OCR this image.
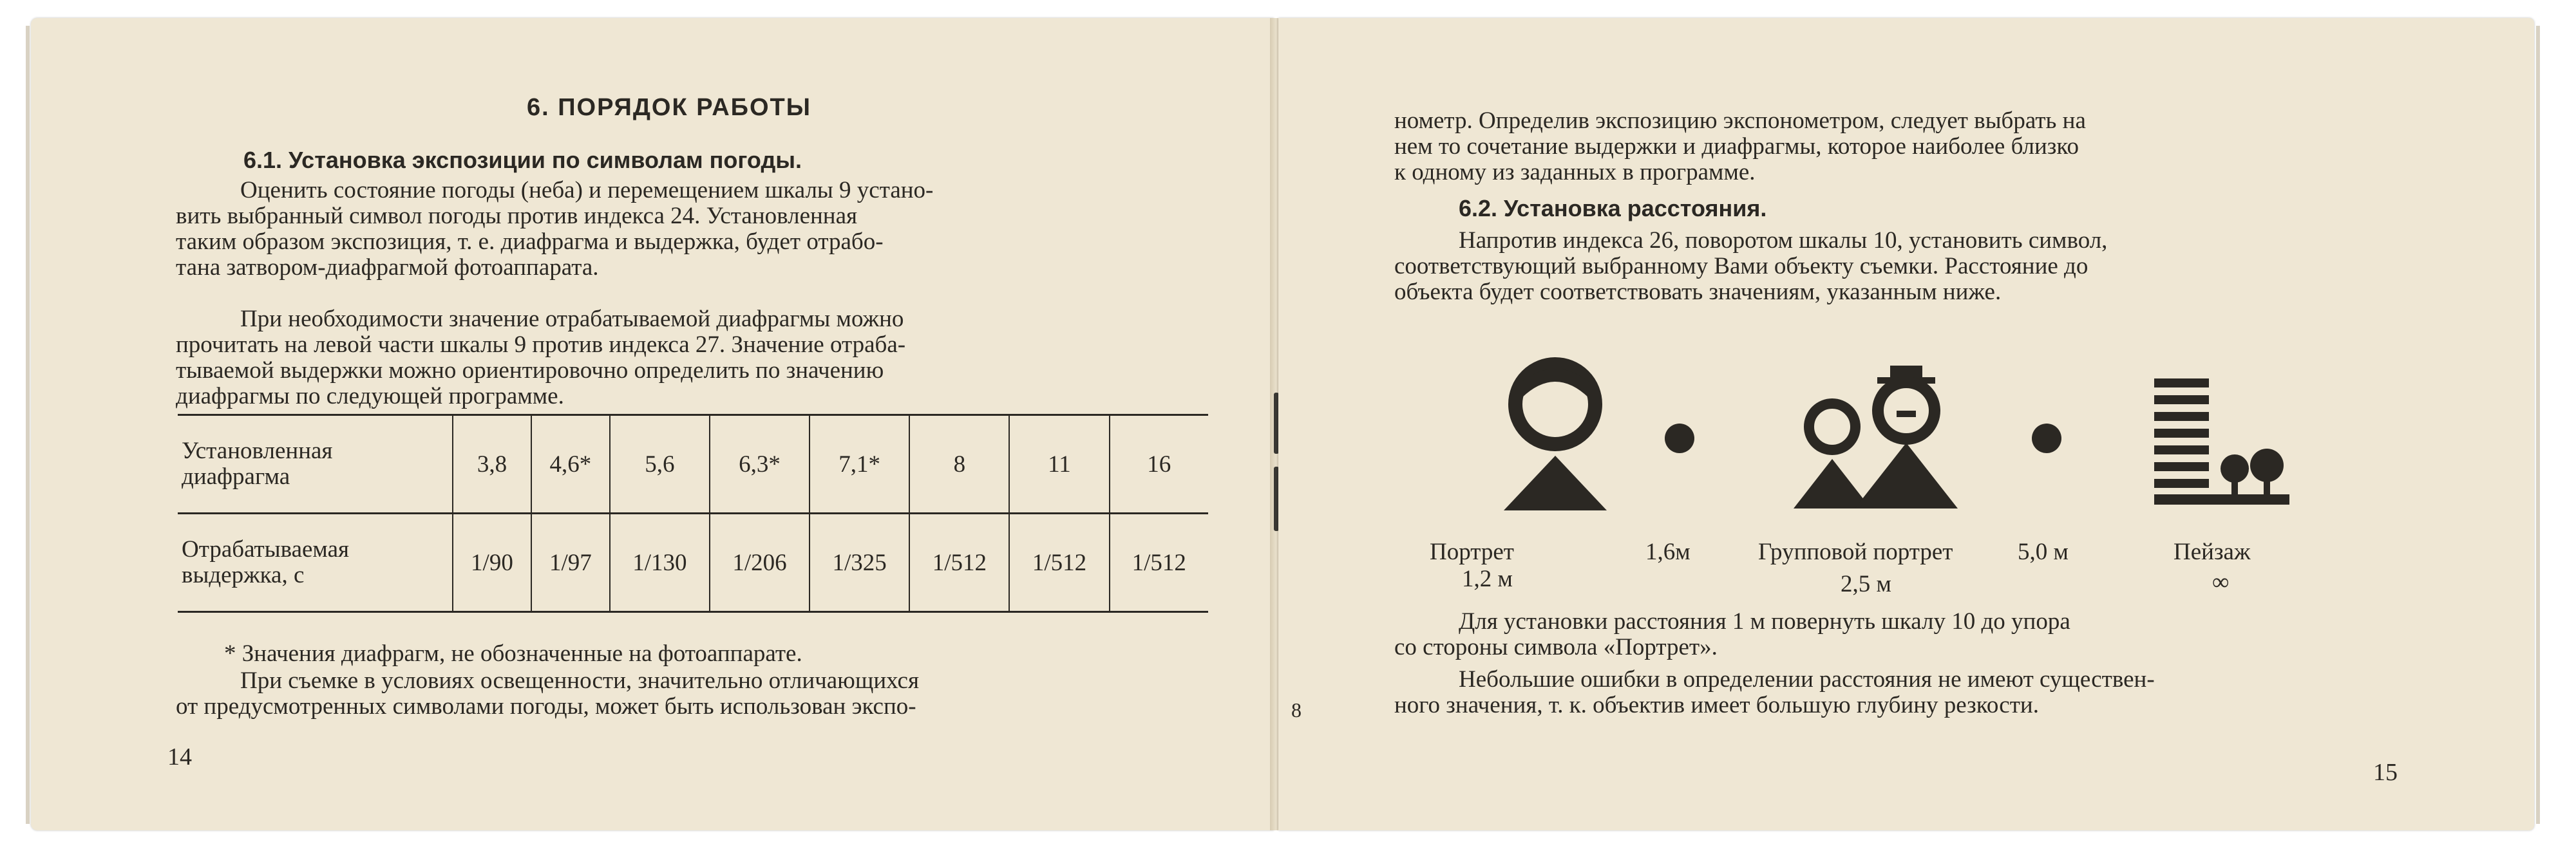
6. ПОРЯДОК РАБОТЫ
6.1. Установка экспозиции по символам погоды.
Оценить состояние погоды (неба) и перемещением шкалы 9 устано-
вить выбранный символ погоды против индекса 24. Установленная
таким образом экспозиция, т. е. диафрагма и выдержка, будет отрабо-
тана затвором-диафрагмой фотоаппарата.
При необходимости значение отрабатываемой диафрагмы можно
прочитать на левой части шкалы 9 против индекса 27. Значение отраба-
тываемой выдержки можно ориентировочно определить по значению
диафрагмы по следующей программе.
Установленная
диафрагма	3,8	4,6*	5,6	6,3*	7,1*	8	11	16

Отрабатываемая
выдержка, с	1/90	1/97	1/130	1/206	1/325	1/512	1/512	1/512
* Значения диафрагм, не обозначенные на фотоаппарате.
При съемке в условиях освещенности, значительно отличающихся
от предусмотренных символами погоды, может быть использован экспо-
14
нометр. Определив экспозицию экспонометром, следует выбрать на
нем то сочетание выдержки и диафрагмы, которое наиболее близко
к одному из заданных в программе.
6.2. Установка расстояния.
Напротив индекса 26, поворотом шкалы 10, установить символ,
соответствующий выбранному Вами объекту съемки. Расстояние до
объекта будет соответствовать значениям, указанным ниже.
Портрет
1,2 м
1,6м	Групповой портрет
2,5 м
5,0 м	Пейзаж
∞
Для установки расстояния 1 м повернуть шкалу 10 до упора
со стороны символа «Портрет».
Небольшие ошибки в определении расстояния не имеют существен-
ного значения, т. к. объектив имеет большую глубину резкости.
15
8
